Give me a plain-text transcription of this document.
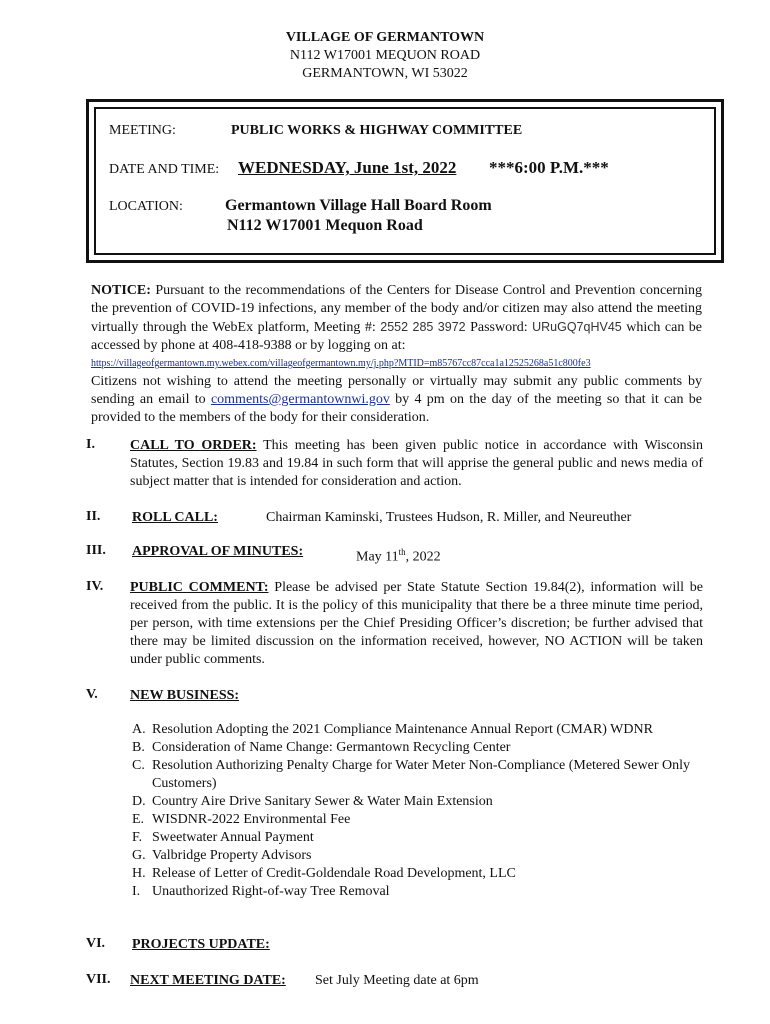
VILLAGE OF GERMANTOWN
N112 W17001 MEQUON ROAD
GERMANTOWN, WI 53022
MEETING:	PUBLIC WORKS & HIGHWAY COMMITTEE
DATE AND TIME: WEDNESDAY, June 1st, 2022 ***6:00 P.M.***
LOCATION:	Germantown Village Hall Board Room
N112 W17001 Mequon Road

NOTICE: Pursuant to the recommendations of the Centers for Disease Control and Prevention concerning the prevention of COVID-19 infections, any member of the body and/or citizen may also attend the meeting virtually through the WebEx platform, Meeting #: 2552 285 3972 Password: URuGQ7qHV45 which can be accessed by phone at 408-418-9388 or by logging on at:

https://villageofgermantown.my.webex.com/villageofgermantown.my/j.php?MTID=m85767cc87cca1a12525268a51c800fe3

Citizens not wishing to attend the meeting personally or virtually may submit any public comments by sending an email to comments@germantownwi.gov by 4 pm on the day of the meeting so that it can be provided to the members of the body for their consideration.

I.	CALL TO ORDER: This meeting has been given public notice in accordance with Wisconsin Statutes, Section 19.83 and 19.84 in such form that will apprise the general public and news media of subject matter that is intended for consideration and action.
II. ROLL CALL:	Chairman Kaminski, Trustees Hudson, R. Miller, and Neureuther
III. APPROVAL OF MINUTES:	May 11th, 2022
IV. PUBLIC COMMENT: Please be advised per State Statute Section 19.84(2), information will be received from the public. It is the policy of this municipality that there be a three minute time period, per person, with time extensions per the Chief Presiding Officer’s discretion; be further advised that there may be limited discussion on the information received, however, NO ACTION will be taken under public comments.
V. NEW BUSINESS:
A. Resolution Adopting the 2021 Compliance Maintenance Annual Report (CMAR) WDNR
B. Consideration of Name Change: Germantown Recycling Center
C. Resolution Authorizing Penalty Charge for Water Meter Non-Compliance (Metered Sewer Only Customers)
D. Country Aire Drive Sanitary Sewer & Water Main Extension
E. WISDNR-2022 Environmental Fee
F. Sweetwater Annual Payment
G. Valbridge Property Advisors
H. Release of Letter of Credit-Goldendale Road Development, LLC
I. Unauthorized Right-of-way Tree Removal
VI. PROJECTS UPDATE:
VII. NEXT MEETING DATE: Set July Meeting date at 6pm
